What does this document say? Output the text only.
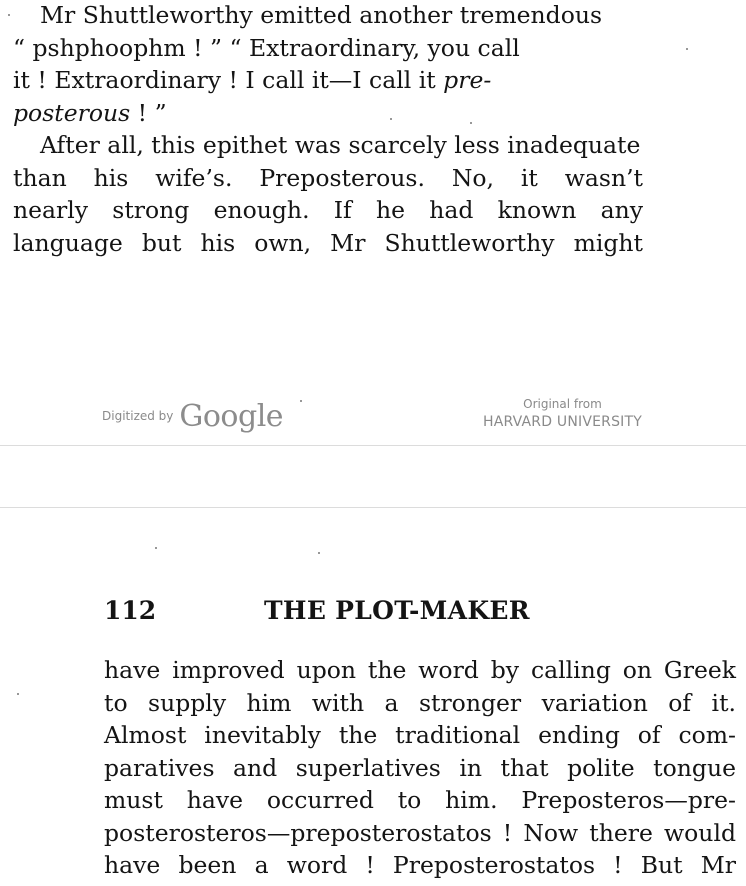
Mr Shuttleworthy emitted another tremendous
“ pshphoophm ! ” “ Extraordinary, you call
it ! Extraordinary ! I call it—I call it pre-
posterous ! ”

After all, this epithet was scarcely less inadequate
than his wife’s. Preposterous. No, it wasn’t
nearly strong enough. If he had known any
language but his own, Mr Shuttleworthy might

Digitized by Google	Original from
HARVARD UNIVERSITY
112	THE PLOT-MAKER

have improved upon the word by calling on Greek
to supply him with a stronger variation of it.
Almost inevitably the traditional ending of com-
paratives and superlatives in that polite tongue
must have occurred to him. Preposteros—pre-
posterosteros—preposterostatos ! Now there would
have been a word ! Preposterostatos ! But Mr
